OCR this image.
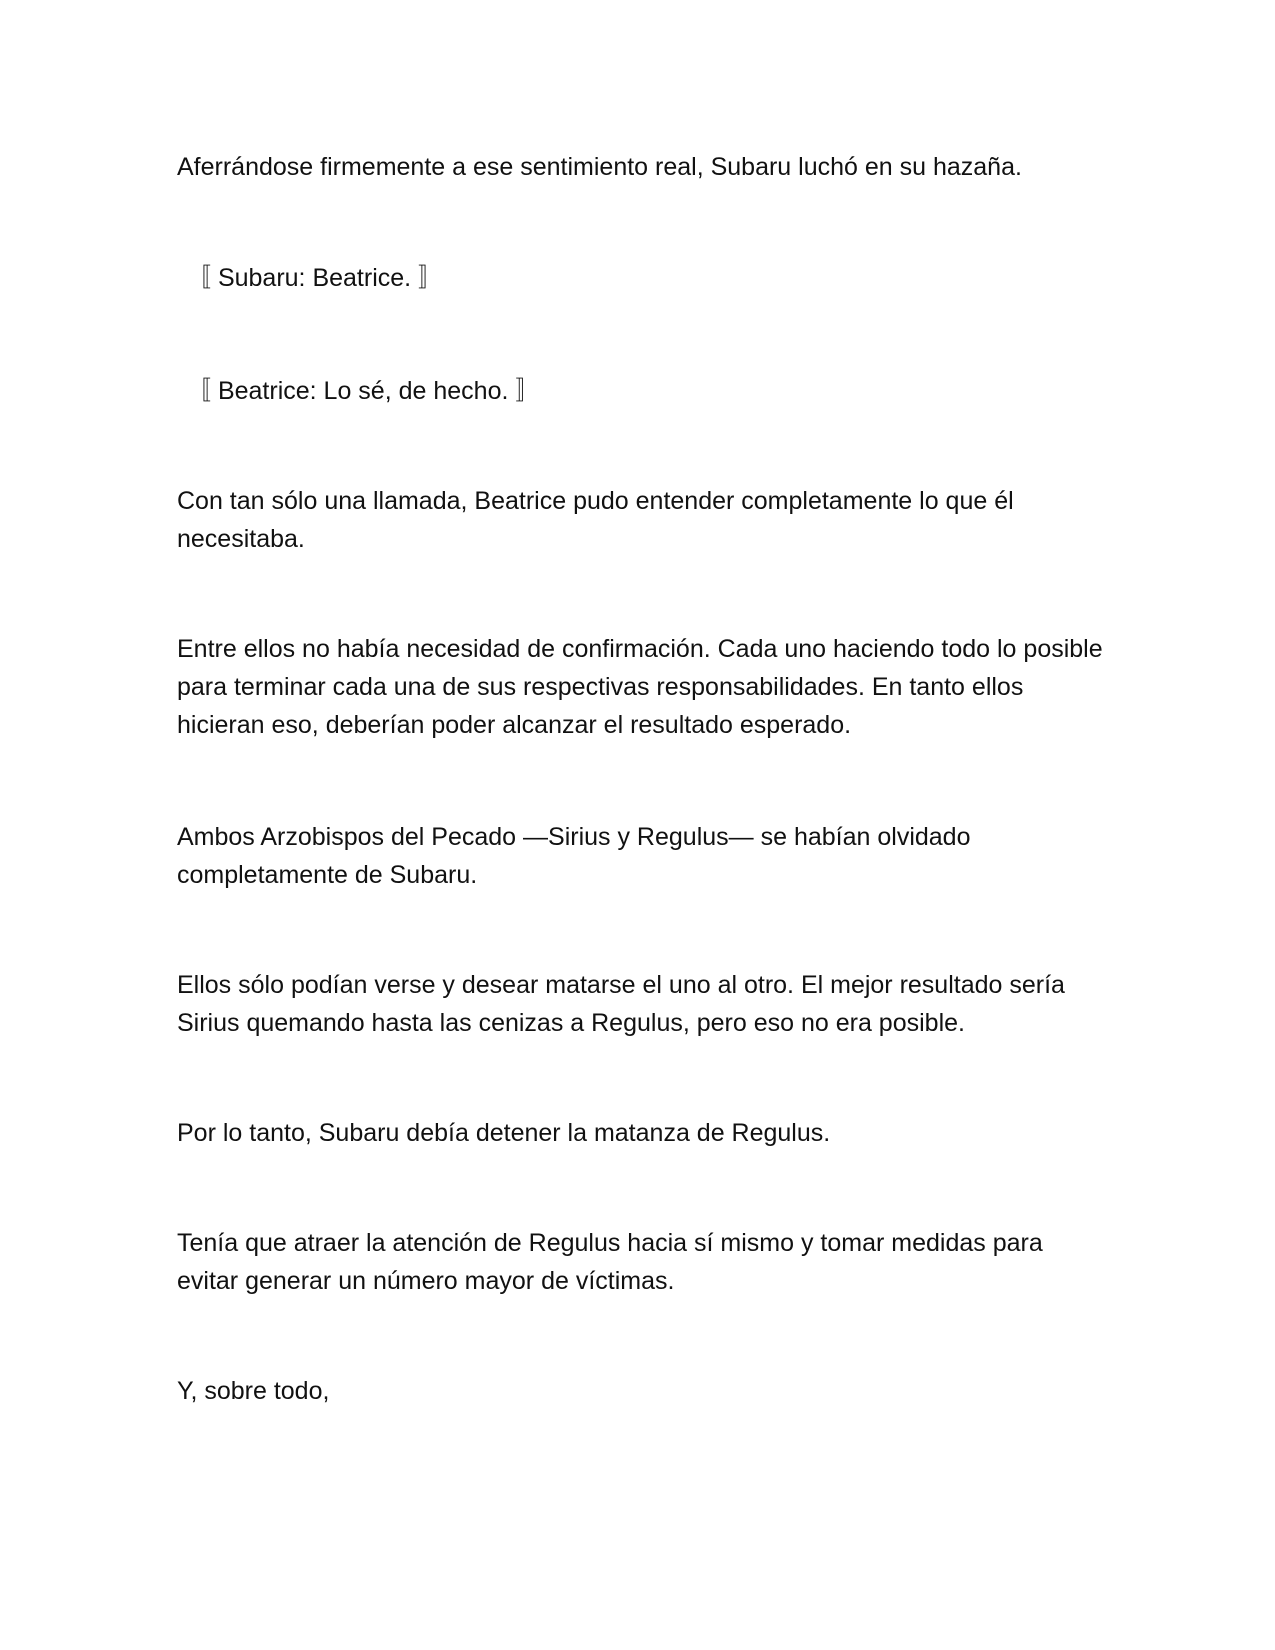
Aferrándose firmemente a ese sentimiento real, Subaru luchó en su hazaña.

〚 Subaru: Beatrice. 〛

〚 Beatrice: Lo sé, de hecho. 〛

Con tan sólo una llamada, Beatrice pudo entender completamente lo que él necesitaba.

Entre ellos no había necesidad de confirmación. Cada uno haciendo todo lo posible para terminar cada una de sus respectivas responsabilidades. En tanto ellos hicieran eso, deberían poder alcanzar el resultado esperado.

Ambos Arzobispos del Pecado —Sirius y Regulus— se habían olvidado completamente de Subaru.

Ellos sólo podían verse y desear matarse el uno al otro. El mejor resultado sería Sirius quemando hasta las cenizas a Regulus, pero eso no era posible.

Por lo tanto, Subaru debía detener la matanza de Regulus.

Tenía que atraer la atención de Regulus hacia sí mismo y tomar medidas para evitar generar un número mayor de víctimas.

Y, sobre todo,
